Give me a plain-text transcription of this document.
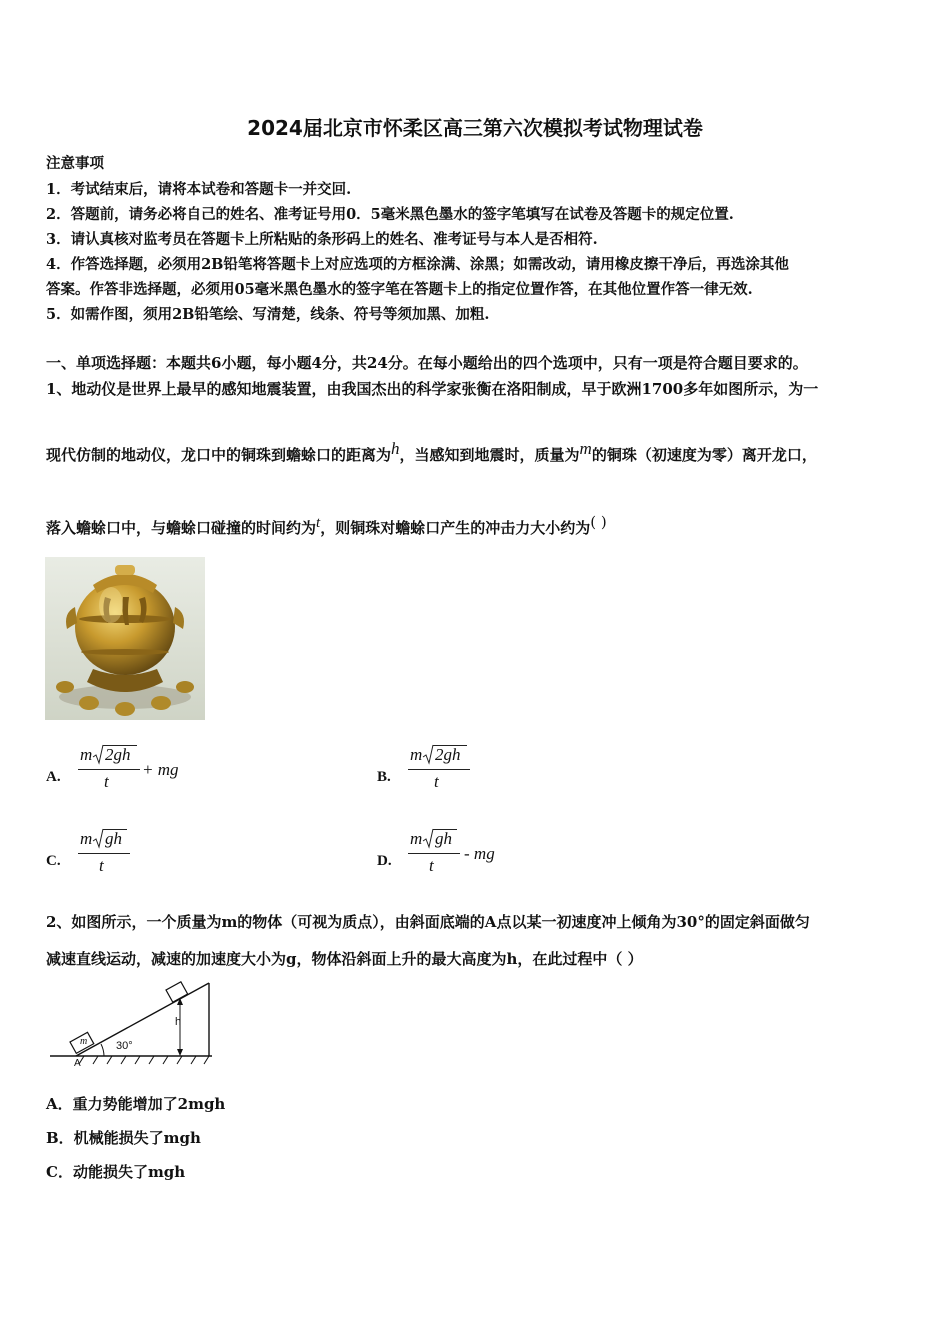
2024届北京市怀柔区高三第六次模拟考试物理试卷
注意事项
1．考试结束后，请将本试卷和答题卡一并交回.
2．答题前，请务必将自己的姓名、准考证号用0．5毫米黑色墨水的签字笔填写在试卷及答题卡的规定位置.
3．请认真核对监考员在答题卡上所粘贴的条形码上的姓名、准考证号与本人是否相符.
4．作答选择题，必须用2B铅笔将答题卡上对应选项的方框涂满、涂黑；如需改动，请用橡皮擦干净后，再选涂其他
答案。作答非选择题，必须用05毫米黑色墨水的签字笔在答题卡上的指定位置作答，在其他位置作答一律无效.
5．如需作图，须用2B铅笔绘、写清楚，线条、符号等须加黑、加粗.
一、单项选择题：本题共6小题，每小题4分，共24分。在每小题给出的四个选项中，只有一项是符合题目要求的。
1、地动仪是世界上最早的感知地震装置，由我国杰出的科学家张衡在洛阳制成，早于欧洲1700多年如图所示，为一
现代仿制的地动仪，龙口中的铜珠到蟾蜍口的距离为$^h$，当感知到地震时，质量为$^m$的铜珠（初速度为零）离开龙口，
落入蟾蜍口中，与蟾蜍口碰撞的时间约为$^t$，则铜珠对蟾蜍口产生的冲击力大小约为( )
A.
m 2gh
t
+ mg	B.
m 2gh
t
C.
m gh
t	D.
m gh
t
- mg
2、如图所示，一个质量为m的物体（可视为质点），由斜面底端的A点以某一初速度冲上倾角为30°的固定斜面做匀
减速直线运动，减速的加速度大小为g，物体沿斜面上升的最大高度为h，在此过程中（ ）
m
h
30°
A
A．重力势能增加了2mgh
B．机械能损失了mgh
C．动能损失了mgh
